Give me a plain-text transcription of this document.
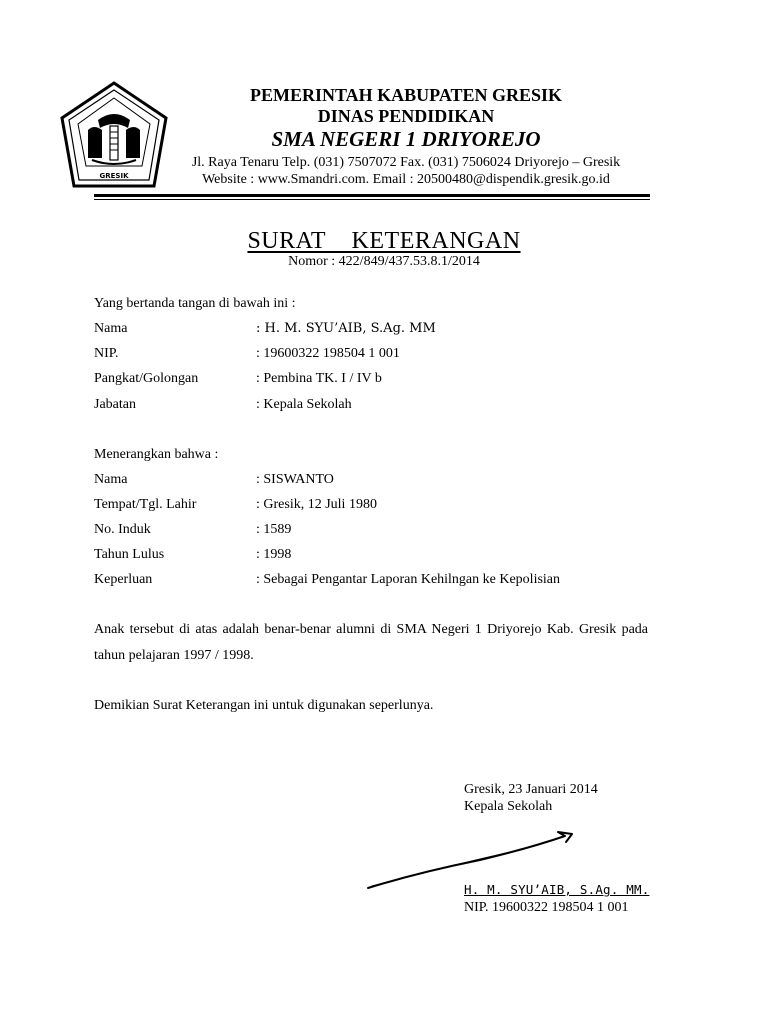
GRESIK
PEMERINTAH KABUPATEN GRESIK
DINAS PENDIDIKAN
SMA NEGERI 1 DRIYOREJO
Jl. Raya Tenaru Telp. (031) 7507072 Fax. (031) 7506024 Driyorejo – Gresik
Website : www.Smandri.com. Email : 20500480@dispendik.gresik.go.id
SURAT    KETERANGAN
Nomor : 422/849/437.53.8.1/2014
Yang bertanda tangan di bawah ini :
Nama	: H. M. SYU’AIB, S.Ag. MM
NIP.	: 19600322 198504 1 001
Pangkat/Golongan	: Pembina TK. I / IV b
Jabatan	: Kepala Sekolah
Menerangkan bahwa :
Nama	: SISWANTO
Tempat/Tgl. Lahir	: Gresik, 12 Juli 1980
No. Induk	: 1589
Tahun Lulus	: 1998
Keperluan	: Sebagai Pengantar Laporan Kehilngan ke Kepolisian
Anak tersebut di atas adalah benar-benar alumni di SMA Negeri 1 Driyorejo Kab. Gresik pada tahun pelajaran 1997 / 1998.
Demikian Surat Keterangan ini untuk digunakan seperlunya.
Gresik, 23 Januari 2014
Kepala Sekolah
H. M. SYU’AIB, S.Ag. MM.
NIP. 19600322 198504 1 001
